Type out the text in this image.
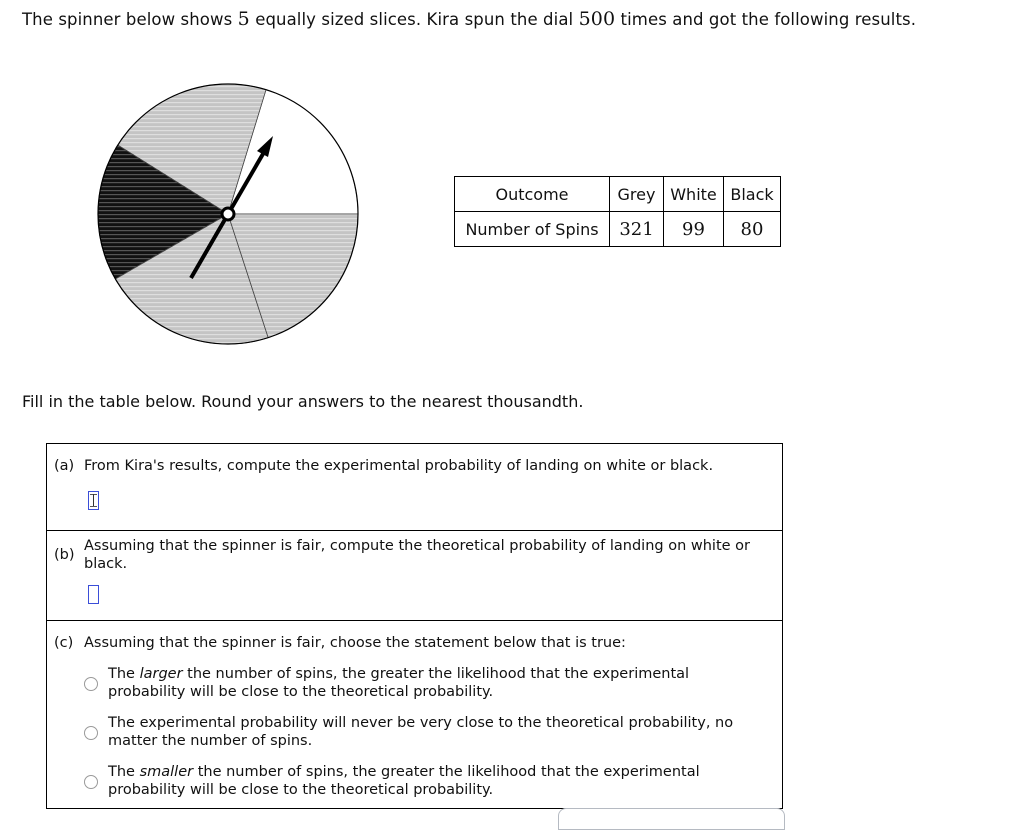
The spinner below shows 5 equally sized slices. Kira spun the dial 500 times and got the following results.
Outcome	Grey	White	Black
Number of Spins	321	99	80
Fill in the table below. Round your answers to the nearest thousandth.
(a) From Kira's results, compute the experimental probability of landing on white or black.
(b)
Assuming that the spinner is fair, compute the theoretical probability of landing on white or black.
(c) Assuming that the spinner is fair, choose the statement below that is true:
The larger the number of spins, the greater the likelihood that the experimental probability will be close to the theoretical probability.
The experimental probability will never be very close to the theoretical probability, no matter the number of spins.
The smaller the number of spins, the greater the likelihood that the experimental probability will be close to the theoretical probability.
